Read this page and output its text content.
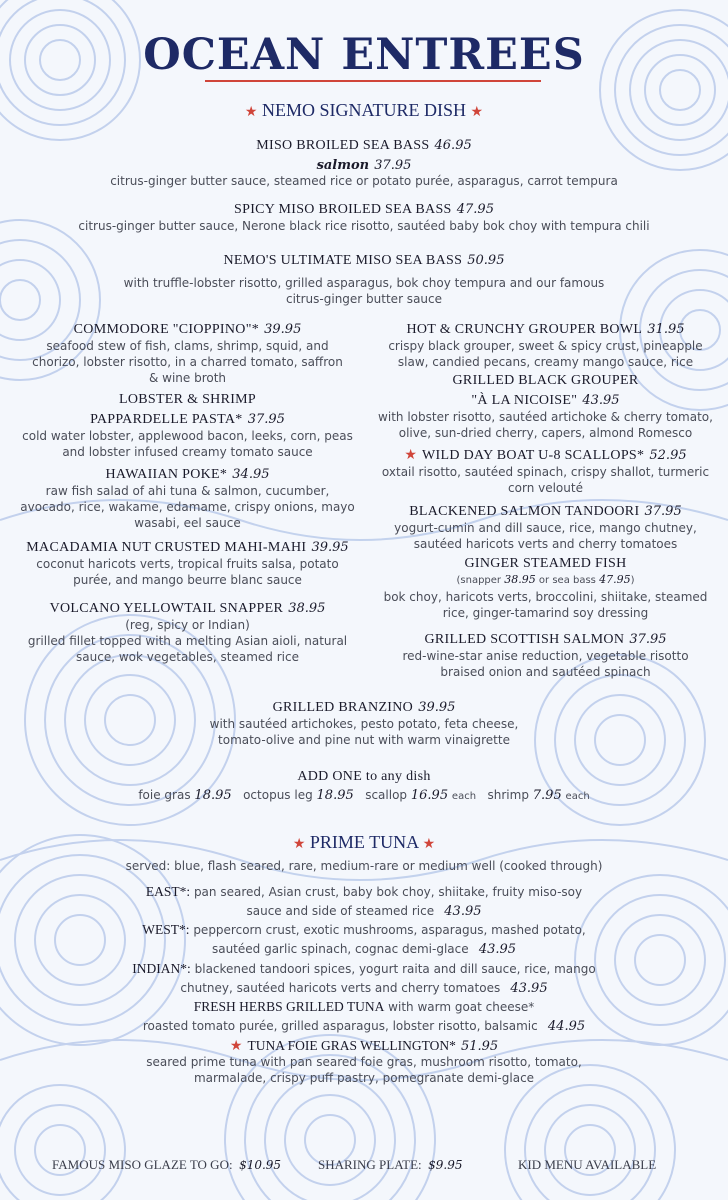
OCEAN ENTREES
★ NEMO SIGNATURE DISH ★
MISO BROILED SEA BASS 46.95
salmon 37.95
citrus-ginger butter sauce, steamed rice or potato purée, asparagus, carrot tempura
SPICY MISO BROILED SEA BASS 47.95
citrus-ginger butter sauce, Nerone black rice risotto, sautéed baby bok choy with tempura chili
NEMO'S ULTIMATE MISO SEA BASS 50.95
with truffle-lobster risotto, grilled asparagus, bok choy tempura and our famous
citrus-ginger butter sauce
COMMODORE "CIOPPINO"* 39.95
seafood stew of fish, clams, shrimp, squid, and
chorizo, lobster risotto, in a charred tomato, saffron
& wine broth
LOBSTER & SHRIMP
PAPPARDELLE PASTA* 37.95
cold water lobster, applewood bacon, leeks, corn, peas
and lobster infused creamy tomato sauce
HAWAIIAN POKE* 34.95
raw fish salad of ahi tuna & salmon, cucumber,
avocado, rice, wakame, edamame, crispy onions, mayo
wasabi, eel sauce
MACADAMIA NUT CRUSTED MAHI-MAHI 39.95
coconut haricots verts, tropical fruits salsa, potato
purée, and mango beurre blanc sauce
VOLCANO YELLOWTAIL SNAPPER 38.95
(reg, spicy or Indian)
grilled fillet topped with a melting Asian aioli, natural
sauce, wok vegetables, steamed rice
HOT & CRUNCHY GROUPER BOWL 31.95
crispy black grouper, sweet & spicy crust, pineapple
slaw, candied pecans, creamy mango sauce, rice
GRILLED BLACK GROUPER
"À LA NICOISE" 43.95
with lobster risotto, sautéed artichoke & cherry tomato,
olive, sun-dried cherry, capers, almond Romesco
★ WILD DAY BOAT U-8 SCALLOPS* 52.95
oxtail risotto, sautéed spinach, crispy shallot, turmeric
corn velouté
BLACKENED SALMON TANDOORI 37.95
yogurt-cumin and dill sauce, rice, mango chutney,
sautéed haricots verts and cherry tomatoes
GINGER STEAMED FISH
(snapper 38.95 or sea bass 47.95)
bok choy, haricots verts, broccolini, shiitake, steamed
rice, ginger-tamarind soy dressing
GRILLED SCOTTISH SALMON 37.95
red-wine-star anise reduction, vegetable risotto
braised onion and sautéed spinach
GRILLED BRANZINO 39.95
with sautéed artichokes, pesto potato, feta cheese,
tomato-olive and pine nut with warm vinaigrette
ADD ONE to any dish
foie gras 18.95 octopus leg 18.95 scallop 16.95 each shrimp 7.95 each
★ PRIME TUNA ★
served: blue, flash seared, rare, medium-rare or medium well (cooked through)
EAST*: pan seared, Asian crust, baby bok choy, shiitake, fruity miso-soy
sauce and side of steamed rice 43.95
WEST*: peppercorn crust, exotic mushrooms, asparagus, mashed potato,
sautéed garlic spinach, cognac demi-glace 43.95
INDIAN*: blackened tandoori spices, yogurt raita and dill sauce, rice, mango
chutney, sautéed haricots verts and cherry tomatoes 43.95
FRESH HERBS GRILLED TUNA with warm goat cheese*
roasted tomato purée, grilled asparagus, lobster risotto, balsamic 44.95
★ TUNA FOIE GRAS WELLINGTON* 51.95
seared prime tuna with pan seared foie gras, mushroom risotto, tomato,
marmalade, crispy puff pastry, pomegranate demi-glace
FAMOUS MISO GLAZE TO GO: $10.95	SHARING PLATE: $9.95	KID MENU AVAILABLE
